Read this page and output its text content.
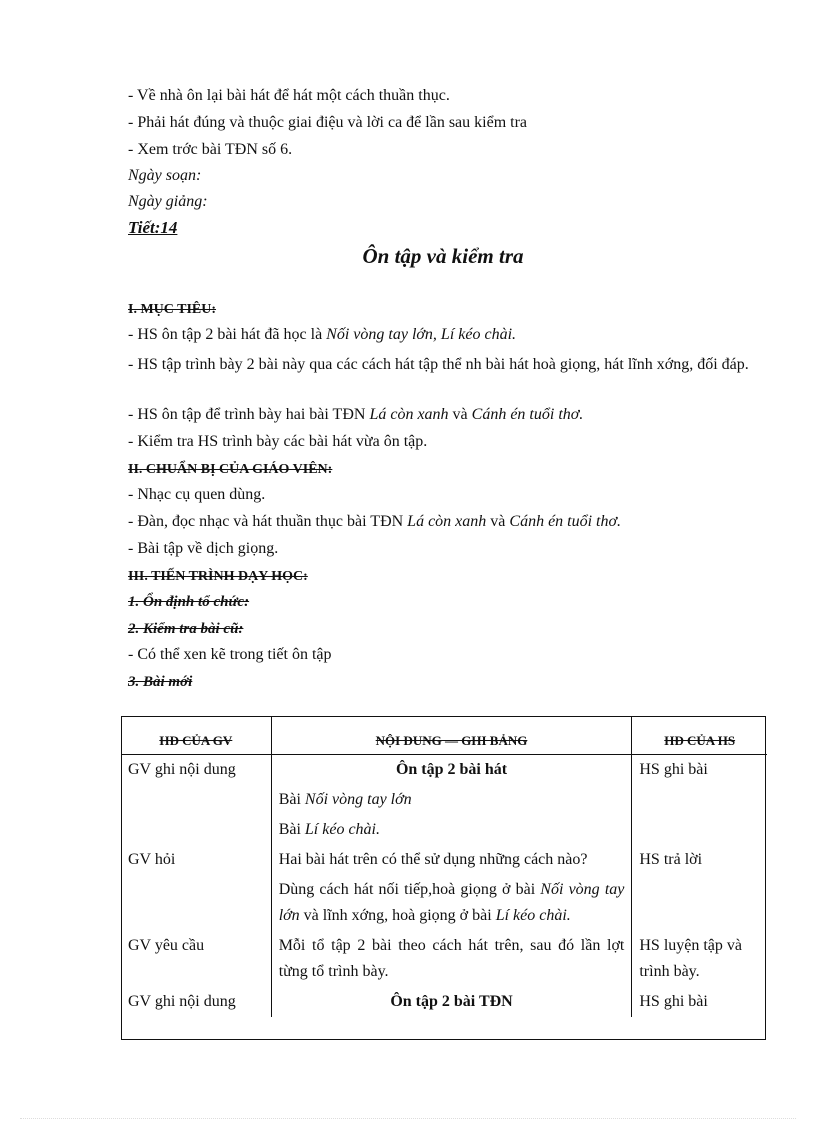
- Về nhà ôn lại bài hát để hát một cách thuần thục.
- Phải hát đúng và thuộc giai điệu và lời ca để lần sau kiểm tra
- Xem trớc bài TĐN số 6.
Ngày soạn:
Ngày giảng:
Tiết:14
Ôn tập và kiểm tra
I. MỤC TIÊU:
- HS ôn tập 2 bài hát đã học là Nối vòng tay lớn, Lí kéo chài.
- HS tập trình bày 2 bài này qua các cách hát tập thể nh bài hát hoà giọng, hát lĩnh xớng, đối đáp.
- HS ôn tập để trình bày hai bài TĐN Lá còn xanh và Cánh én tuổi thơ.
- Kiểm tra HS trình bày các bài hát vừa ôn tập.
II. CHUẨN BỊ CỦA GIÁO VIÊN:
- Nhạc cụ quen dùng.
- Đàn, đọc nhạc và hát thuần thục bài TĐN Lá còn xanh và Cánh én tuổi thơ.
- Bài tập về dịch giọng.
III. TIẾN TRÌNH DẠY HỌC:
1. Ổn định tổ chức:
2. Kiểm tra bài cũ:
- Có thể xen kẽ trong tiết ôn tập
3. Bài mới
HĐ CỦA GV	NỘI DUNG — GHI BẢNG	HĐ CỦA HS
GV ghi nội dung	Ôn tập 2 bài hát	HS ghi bài
	Bài Nối vòng tay lớn	
	Bài Lí kéo chài.	
GV hỏi	Hai bài hát trên có thể sử dụng những cách nào?	HS trả lời
	Dùng cách hát nối tiếp,hoà giọng ở bài Nối vòng tay lớn và lĩnh xớng, hoà giọng ở bài Lí kéo chài.	
GV yêu cầu	Mỗi tổ tập 2 bài theo cách hát trên, sau đó lần lợt từng tổ trình bày.	HS luyện tập và trình bày.
GV ghi nội dung	Ôn tập 2 bài TĐN	HS ghi bài
